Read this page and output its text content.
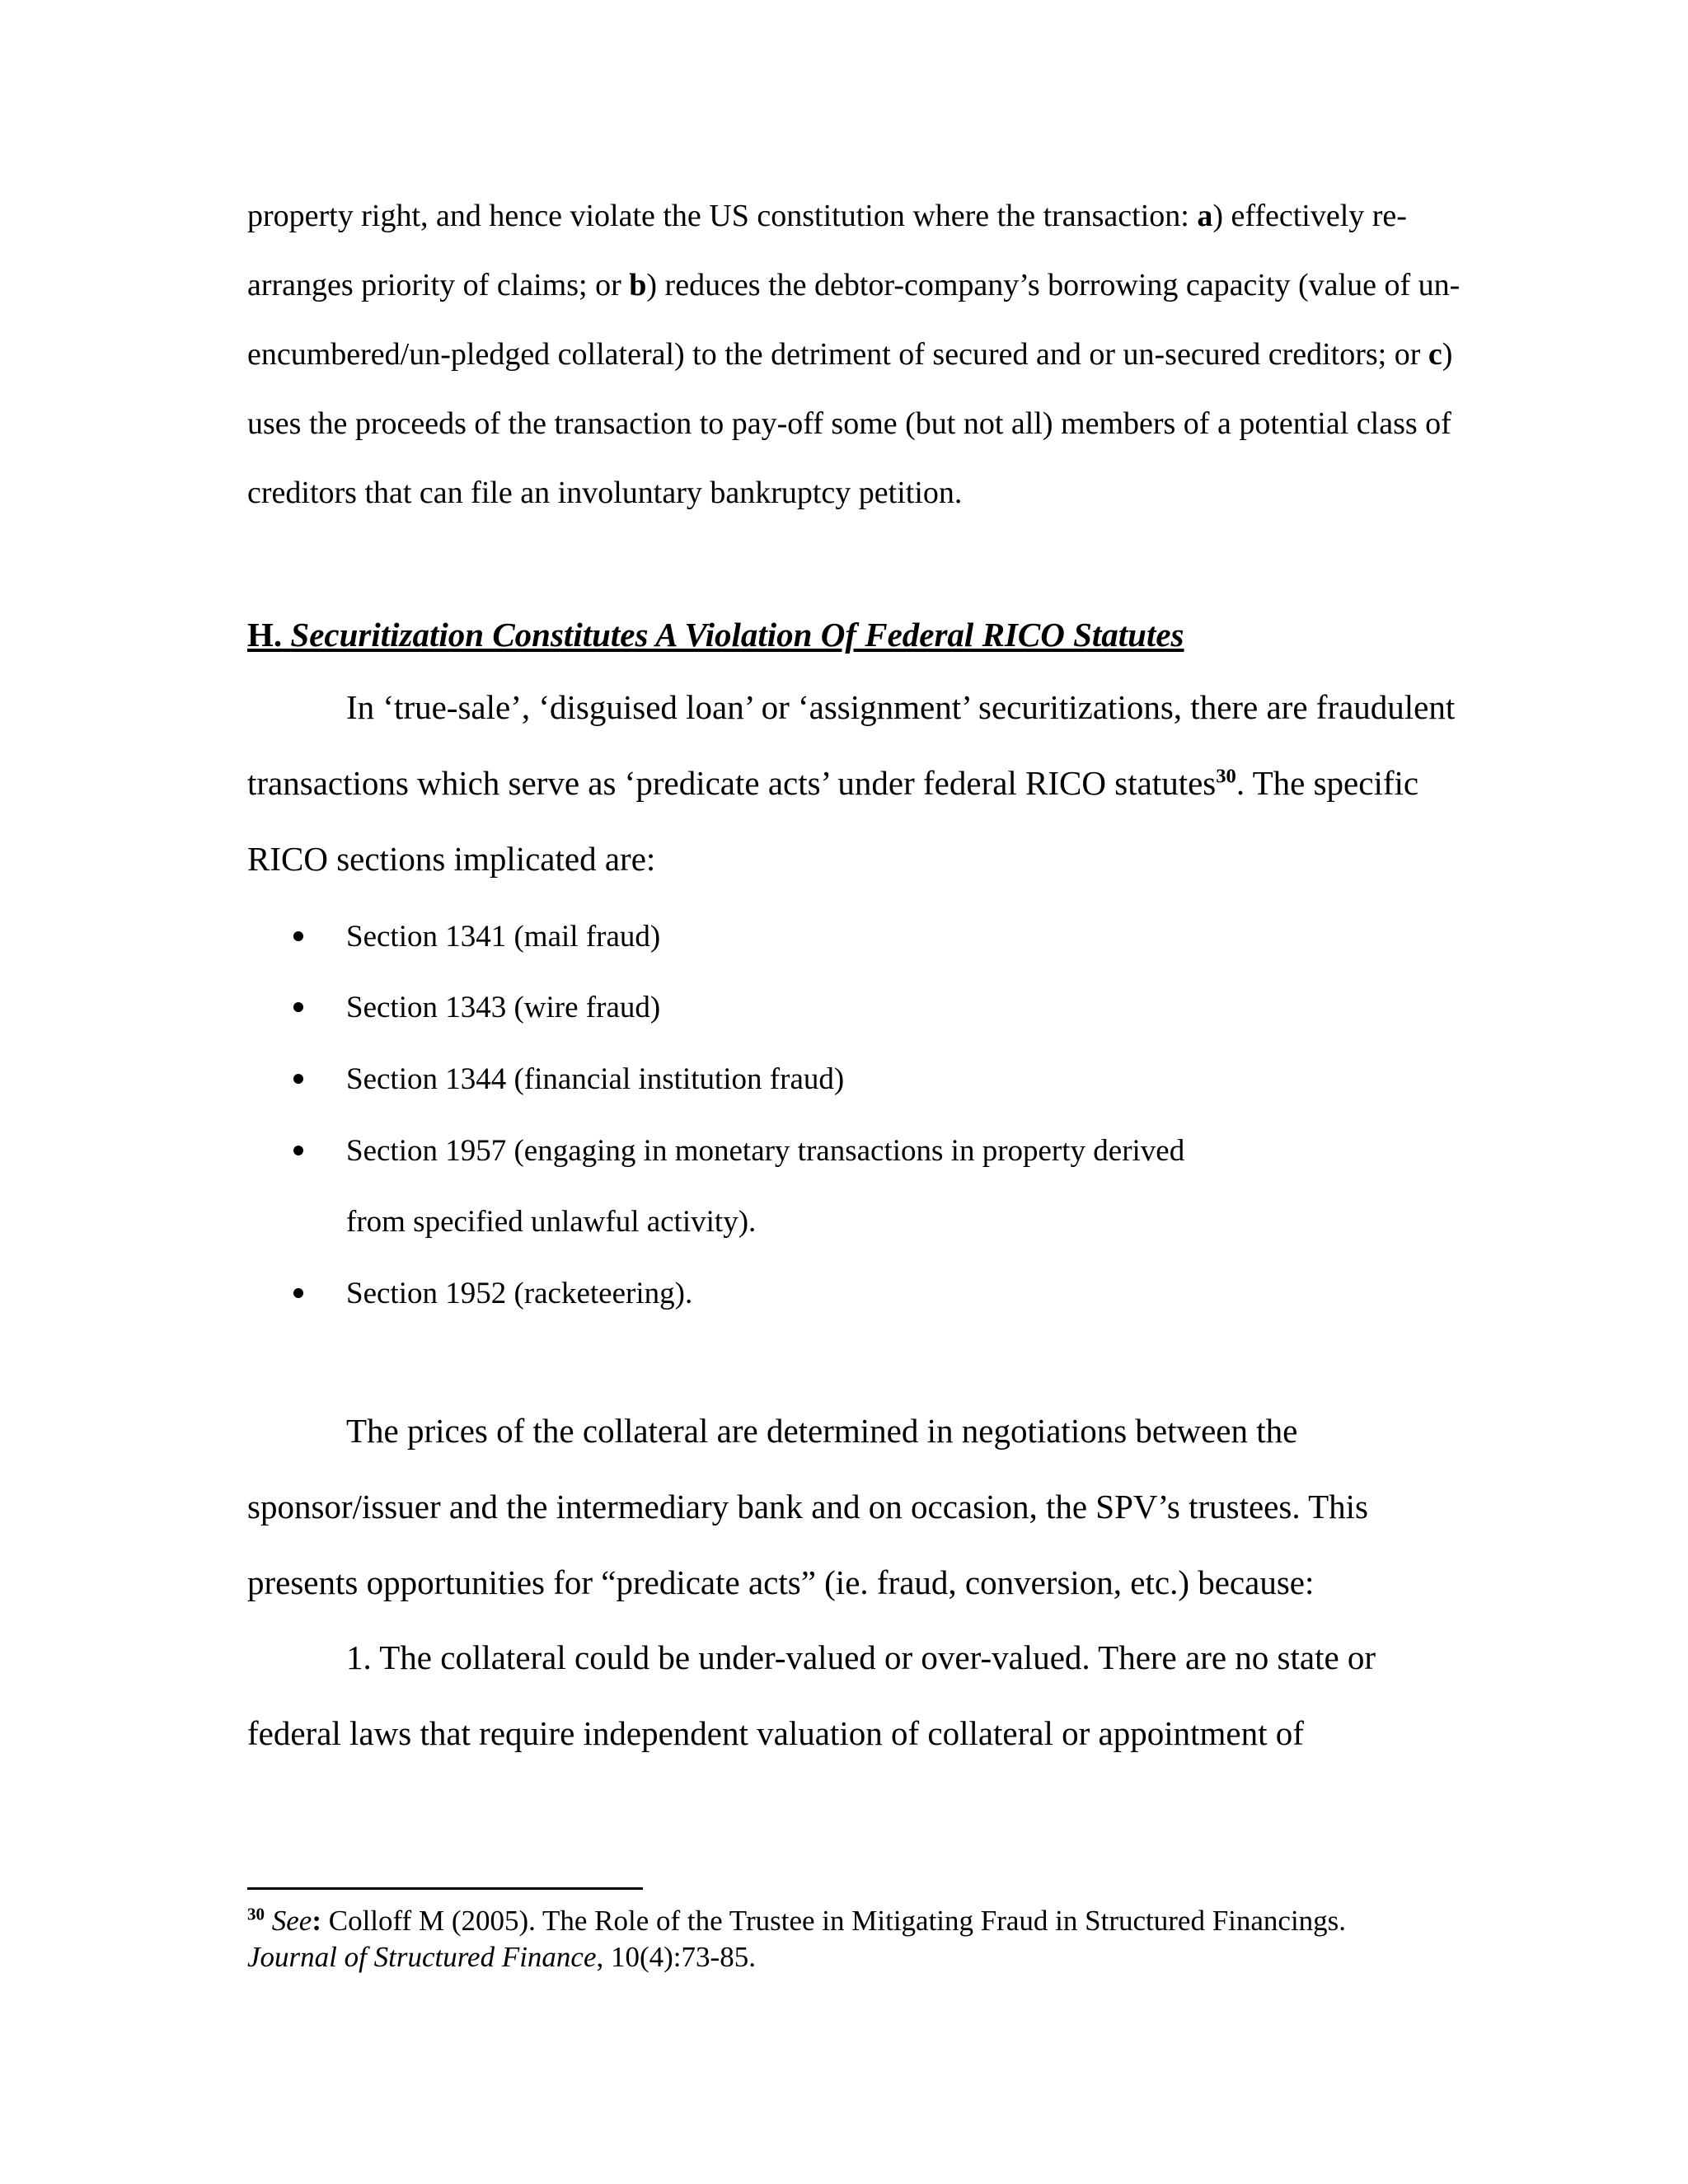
property right, and hence violate the US constitution where the transaction: a) effectively re-
arranges priority of claims; or b) reduces the debtor-company’s borrowing capacity (value of un-
encumbered/un-pledged collateral) to the detriment of secured and or un-secured creditors; or c)
uses the proceeds of the transaction to pay-off some (but not all) members of a potential class of
creditors that can file an involuntary bankruptcy petition.
H. Securitization Constitutes A Violation Of Federal RICO Statutes
In ‘true-sale’, ‘disguised loan’ or ‘assignment’ securitizations, there are fraudulent
transactions which serve as ‘predicate acts’ under federal RICO statutes$^{30}$. The specific
RICO sections implicated are:
Section 1341 (mail fraud)
Section 1343 (wire fraud)
Section 1344 (financial institution fraud)
Section 1957 (engaging in monetary transactions in property derived
from specified unlawful activity).
Section 1952 (racketeering).
The prices of the collateral are determined in negotiations between the
sponsor/issuer and the intermediary bank and on occasion, the SPV’s trustees. This
presents opportunities for “predicate acts” (ie. fraud, conversion, etc.) because:
1. The collateral could be under-valued or over-valued. There are no state or
federal laws that require independent valuation of collateral or appointment of
$^{30}$ See: Colloff M (2005). The Role of the Trustee in Mitigating Fraud in Structured Financings.
Journal of Structured Finance, 10(4):73-85.
